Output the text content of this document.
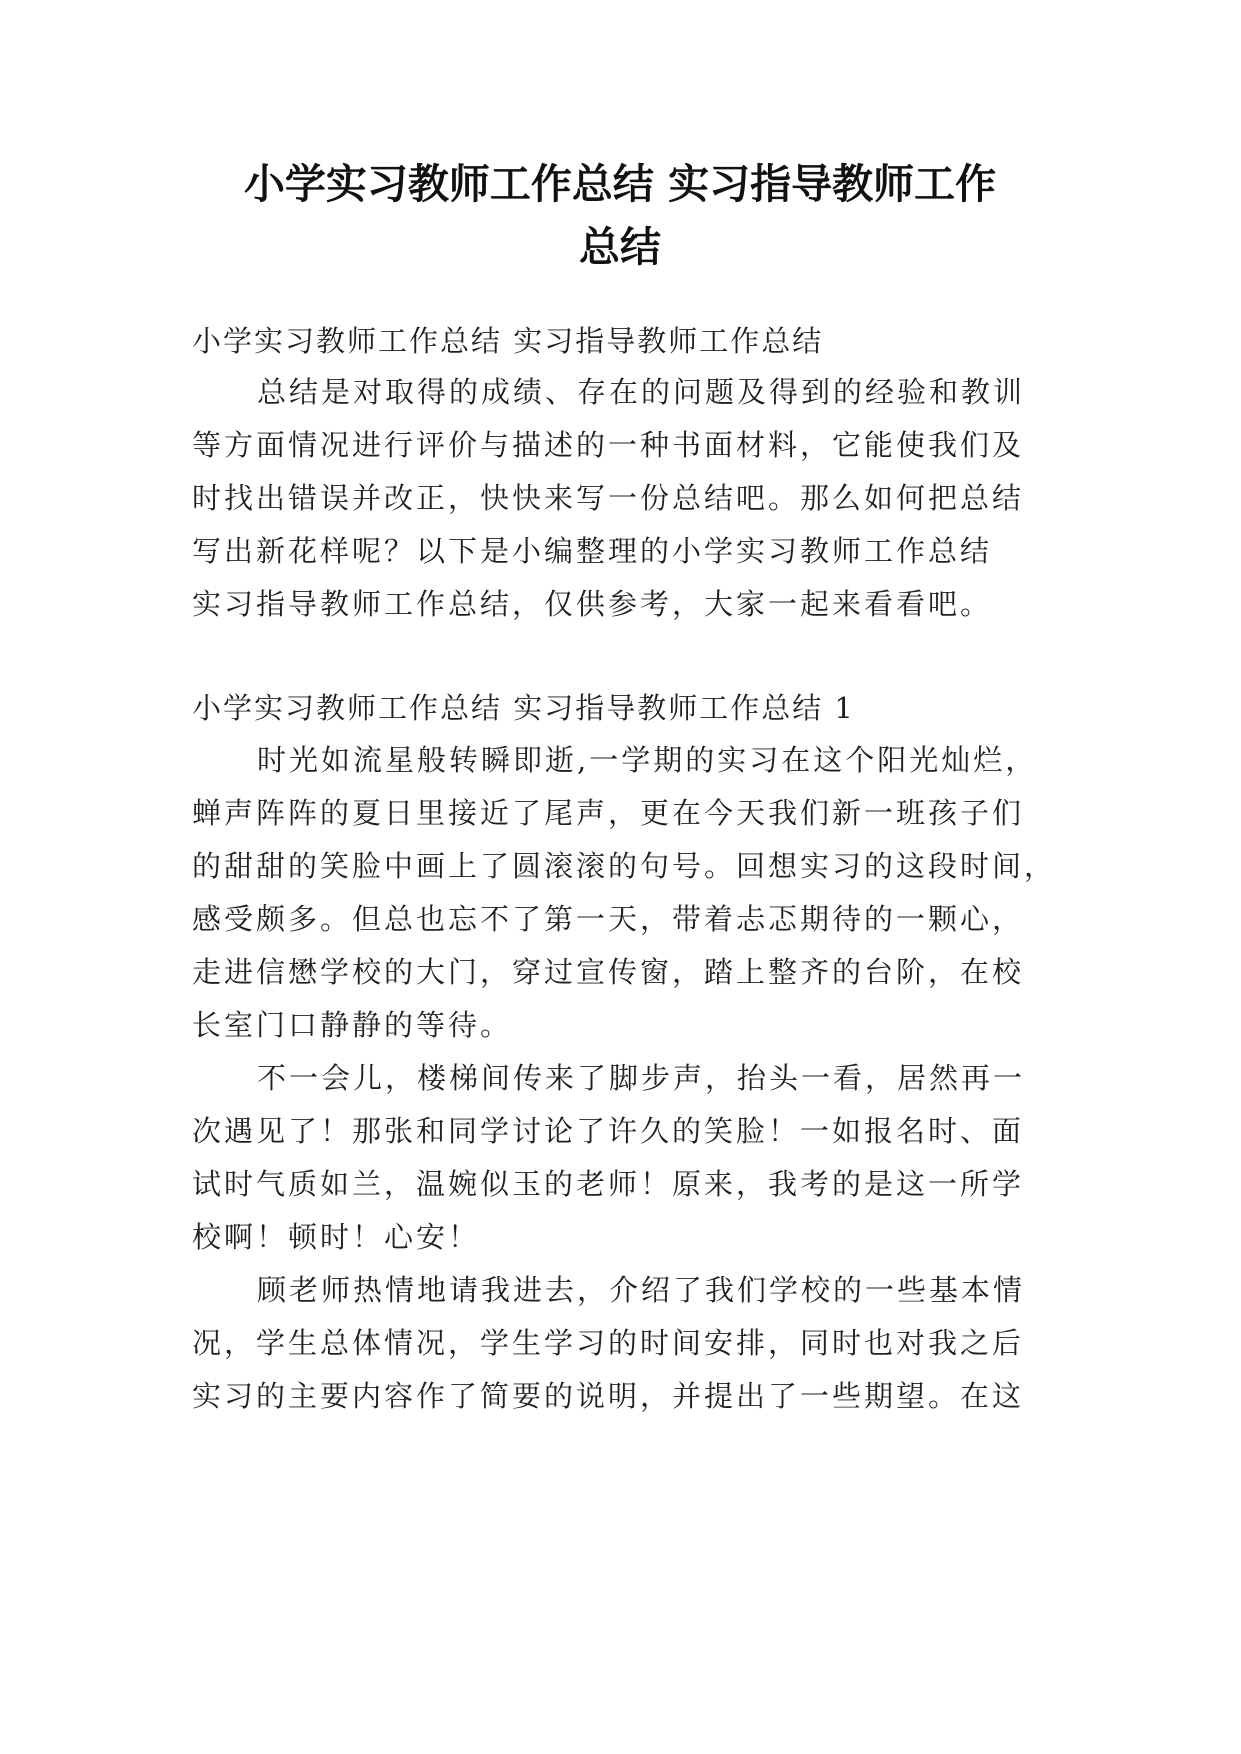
小学实习教师工作总结 实习指导教师工作
总结
小学实习教师工作总结 实习指导教师工作总结
总结是对取得的成绩、存在的问题及得到的经验和教训
等方面情况进行评价与描述的一种书面材料，它能使我们及
时找出错误并改正，快快来写一份总结吧。那么如何把总结
写出新花样呢？以下是小编整理的小学实习教师工作总结
实习指导教师工作总结，仅供参考，大家一起来看看吧。
小学实习教师工作总结 实习指导教师工作总结 1
时光如流星般转瞬即逝,一学期的实习在这个阳光灿烂，
蝉声阵阵的夏日里接近了尾声，更在今天我们新一班孩子们
的甜甜的笑脸中画上了圆滚滚的句号。回想实习的这段时间，
感受颇多。但总也忘不了第一天，带着忐忑期待的一颗心，
走进信懋学校的大门，穿过宣传窗，踏上整齐的台阶，在校
长室门口静静的等待。
不一会儿，楼梯间传来了脚步声，抬头一看，居然再一
次遇见了！那张和同学讨论了许久的笑脸！一如报名时、面
试时气质如兰，温婉似玉的老师！原来，我考的是这一所学
校啊！顿时！心安！
顾老师热情地请我进去，介绍了我们学校的一些基本情
况，学生总体情况，学生学习的时间安排，同时也对我之后
实习的主要内容作了简要的说明，并提出了一些期望。在这
